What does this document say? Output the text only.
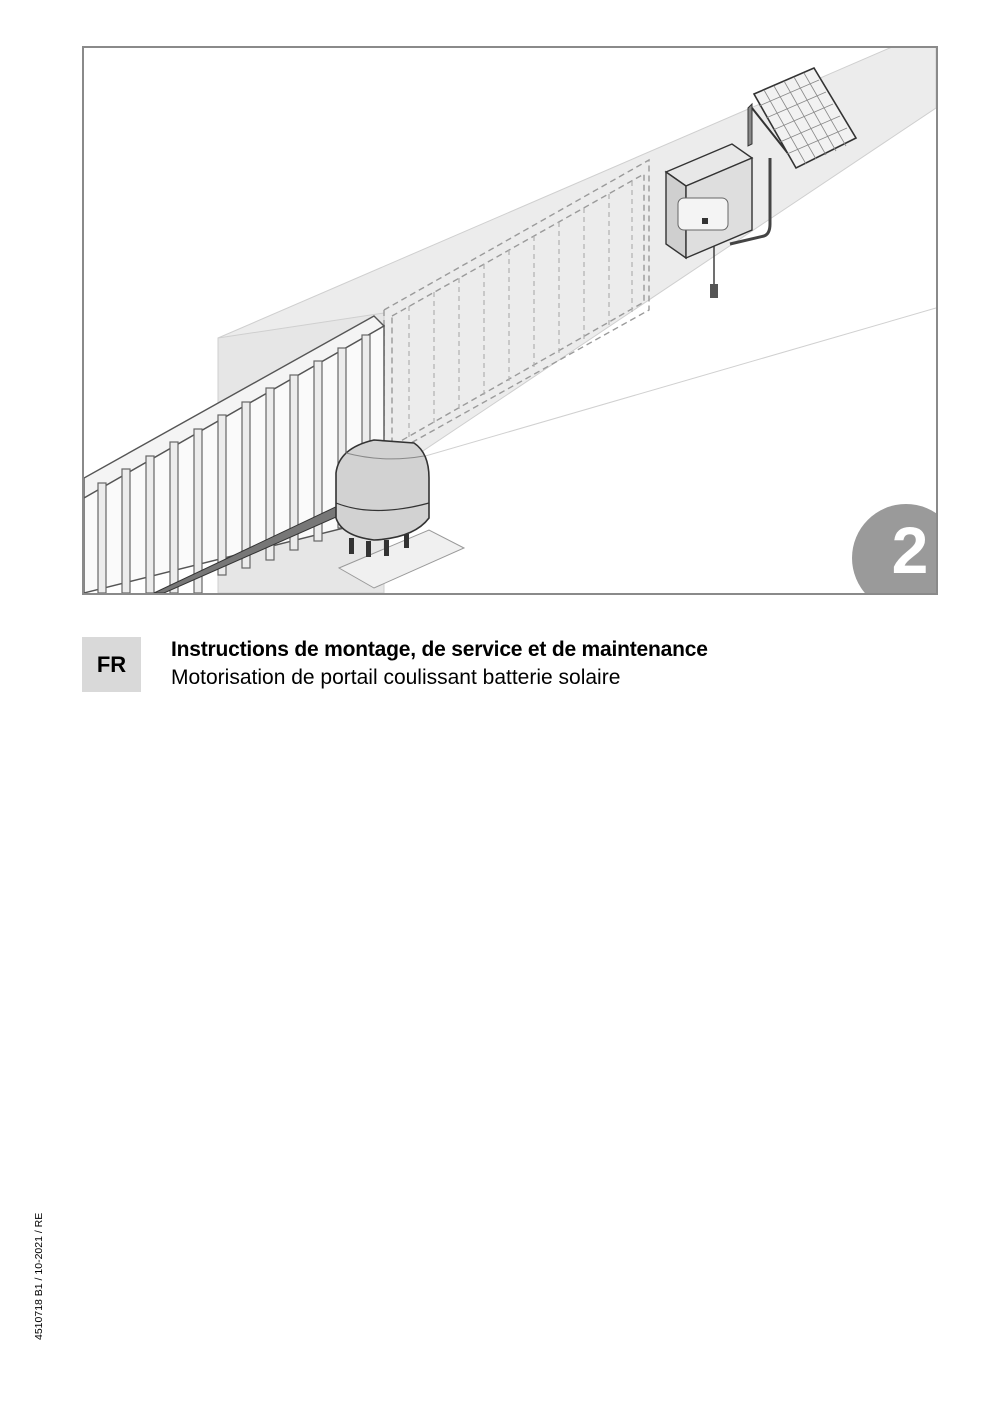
2
FR
Instructions de montage, de service et de maintenance
Motorisation de portail coulissant batterie solaire
4510718 B1 / 10-2021 / RE
